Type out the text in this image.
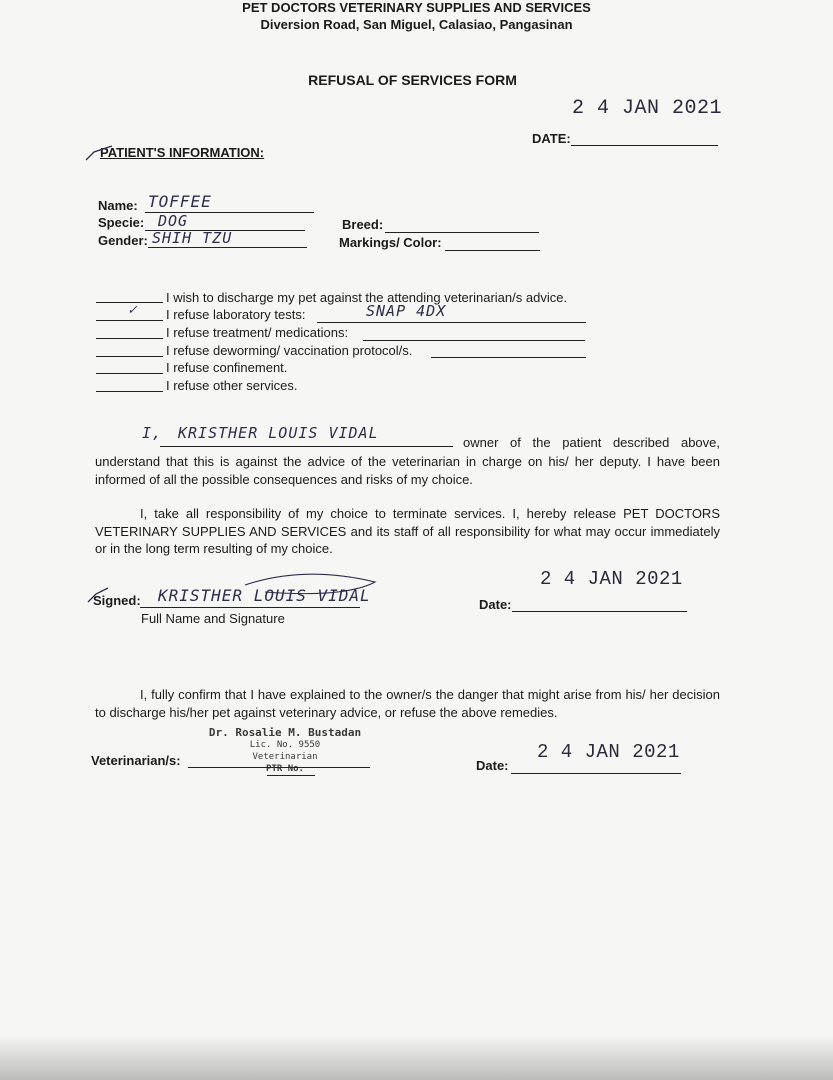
PET DOCTORS VETERINARY SUPPLIES AND SERVICES
Diversion Road, San Miguel, Calasiao, Pangasinan
REFUSAL OF SERVICES FORM
2 4 JAN 2021
DATE:
PATIENT'S INFORMATION:
Name: TOFFEE
Specie: DOG
Gender: SHIH TZU
Breed:
Markings/ Color:
I wish to discharge my pet against the attending veterinarian/s advice.
✓ I refuse laboratory tests:	SNAP 4DX
I refuse treatment/ medications:
I refuse deworming/ vaccination protocol/s.
I refuse confinement.
I refuse other services.
I, KRISTHER LOUIS VIDAL
owner of the patient described above,
understand that this is against the advice of the veterinarian in charge on his/ her deputy. I have been informed of all the possible consequences and risks of my choice.
I, take all responsibility of my choice to terminate services. I, hereby release PET DOCTORS VETERINARY SUPPLIES AND SERVICES and its staff of all responsibility for what may occur immediately or in the long term resulting of my choice.
2 4 JAN 2021
Signed: KRISTHER LOUIS VIDAL
Full Name and Signature
Date:
I, fully confirm that I have explained to the owner/s the danger that might arise from his/ her decision to discharge his/her pet against veterinary advice, or refuse the above remedies.
Dr. Rosalie M. Bustadan
Lic. No. 9550
Veterinarian
PTR No.
Veterinarian/s:	2 4 JAN 2021
Date:
